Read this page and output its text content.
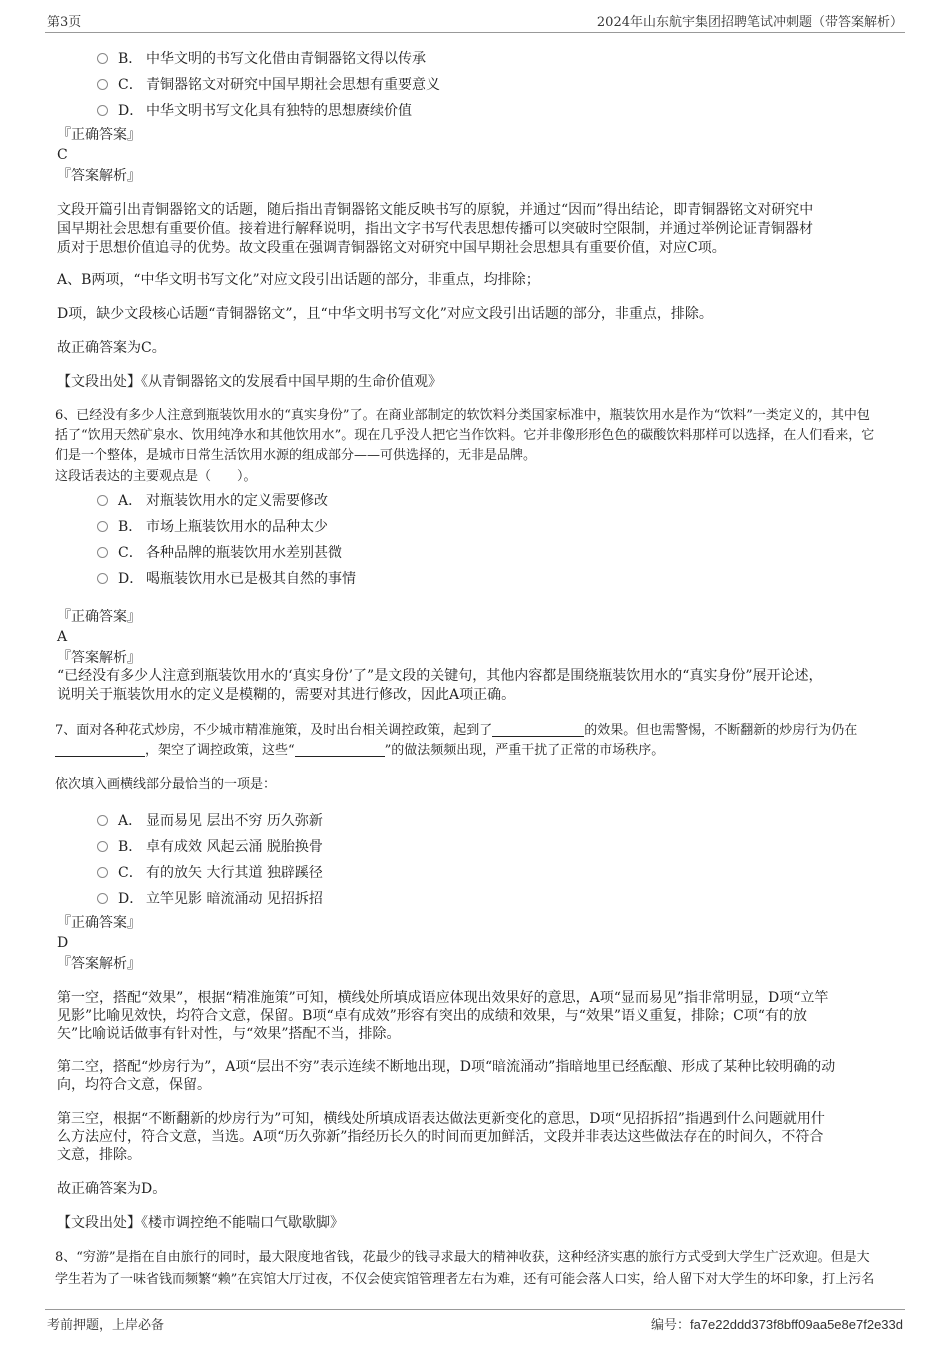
第3页	2024年山东航宇集团招聘笔试冲刺题（带答案解析）
B． 中华文明的书写文化借由青铜器铭文得以传承
C． 青铜器铭文对研究中国早期社会思想有重要意义
D． 中华文明书写文化具有独特的思想赓续价值
『正确答案』
C
『答案解析』
文段开篇引出青铜器铭文的话题，随后指出青铜器铭文能反映书写的原貌，并通过“因而”得出结论，即青铜器铭文对研究中
国早期社会思想有重要价值。接着进行解释说明，指出文字书写代表思想传播可以突破时空限制，并通过举例论证青铜器材
质对于思想价值追寻的优势。故文段重在强调青铜器铭文对研究中国早期社会思想具有重要价值，对应C项。
A、B两项，“中华文明书写文化”对应文段引出话题的部分，非重点，均排除；
D项，缺少文段核心话题“青铜器铭文”，且“中华文明书写文化”对应文段引出话题的部分，非重点，排除。
故正确答案为C。
【文段出处】《从青铜器铭文的发展看中国早期的生命价值观》
6、已经没有多少人注意到瓶装饮用水的“真实身份”了。在商业部制定的软饮料分类国家标准中，瓶装饮用水是作为“饮料”一类定义的，其中包
括了“饮用天然矿泉水、饮用纯净水和其他饮用水”。现在几乎没人把它当作饮料。它并非像形形色色的碳酸饮料那样可以选择，在人们看来，它
们是一个整体，是城市日常生活饮用水源的组成部分——可供选择的，无非是品牌。
这段话表达的主要观点是（　　）。
A． 对瓶装饮用水的定义需要修改
B． 市场上瓶装饮用水的品种太少
C． 各种品牌的瓶装饮用水差别甚微
D． 喝瓶装饮用水已是极其自然的事情
『正确答案』
A
『答案解析』
“已经没有多少人注意到瓶装饮用水的‘真实身份’了”是文段的关键句，其他内容都是围绕瓶装饮用水的“真实身份”展开论述，
说明关于瓶装饮用水的定义是模糊的，需要对其进行修改，因此A项正确。
7、面对各种花式炒房，不少城市精准施策，及时出台相关调控政策，起到了	的效果。但也需警惕，不断翻新的炒房行为仍在
，架空了调控政策，这些“	”的做法频频出现，严重干扰了正常的市场秩序。
依次填入画横线部分最恰当的一项是：
A． 显而易见 层出不穷 历久弥新
B． 卓有成效 风起云涌 脱胎换骨
C． 有的放矢 大行其道 独辟蹊径
D． 立竿见影 暗流涌动 见招拆招
『正确答案』
D
『答案解析』
第一空，搭配“效果”，根据“精准施策”可知，横线处所填成语应体现出效果好的意思，A项“显而易见”指非常明显，D项“立竿
见影”比喻见效快，均符合文意，保留。B项“卓有成效”形容有突出的成绩和效果，与“效果”语义重复，排除；C项“有的放
矢”比喻说话做事有针对性，与“效果”搭配不当，排除。
第二空，搭配“炒房行为”，A项“层出不穷”表示连续不断地出现，D项“暗流涌动”指暗地里已经酝酿、形成了某种比较明确的动
向，均符合文意，保留。
第三空，根据“不断翻新的炒房行为”可知，横线处所填成语表达做法更新变化的意思，D项“见招拆招”指遇到什么问题就用什
么方法应付，符合文意，当选。A项“历久弥新”指经历长久的时间而更加鲜活，文段并非表达这些做法存在的时间久，不符合
文意，排除。
故正确答案为D。
【文段出处】《楼市调控绝不能喘口气歇歇脚》
8、“穷游”是指在自由旅行的同时，最大限度地省钱，花最少的钱寻求最大的精神收获，这种经济实惠的旅行方式受到大学生广泛欢迎。但是大
学生若为了一味省钱而频繁“赖”在宾馆大厅过夜，不仅会使宾馆管理者左右为难，还有可能会落人口实，给人留下对大学生的坏印象，打上污名
考前押题，上岸必备	编号：fa7e22ddd373f8bff09aa5e8e7f2e33d
